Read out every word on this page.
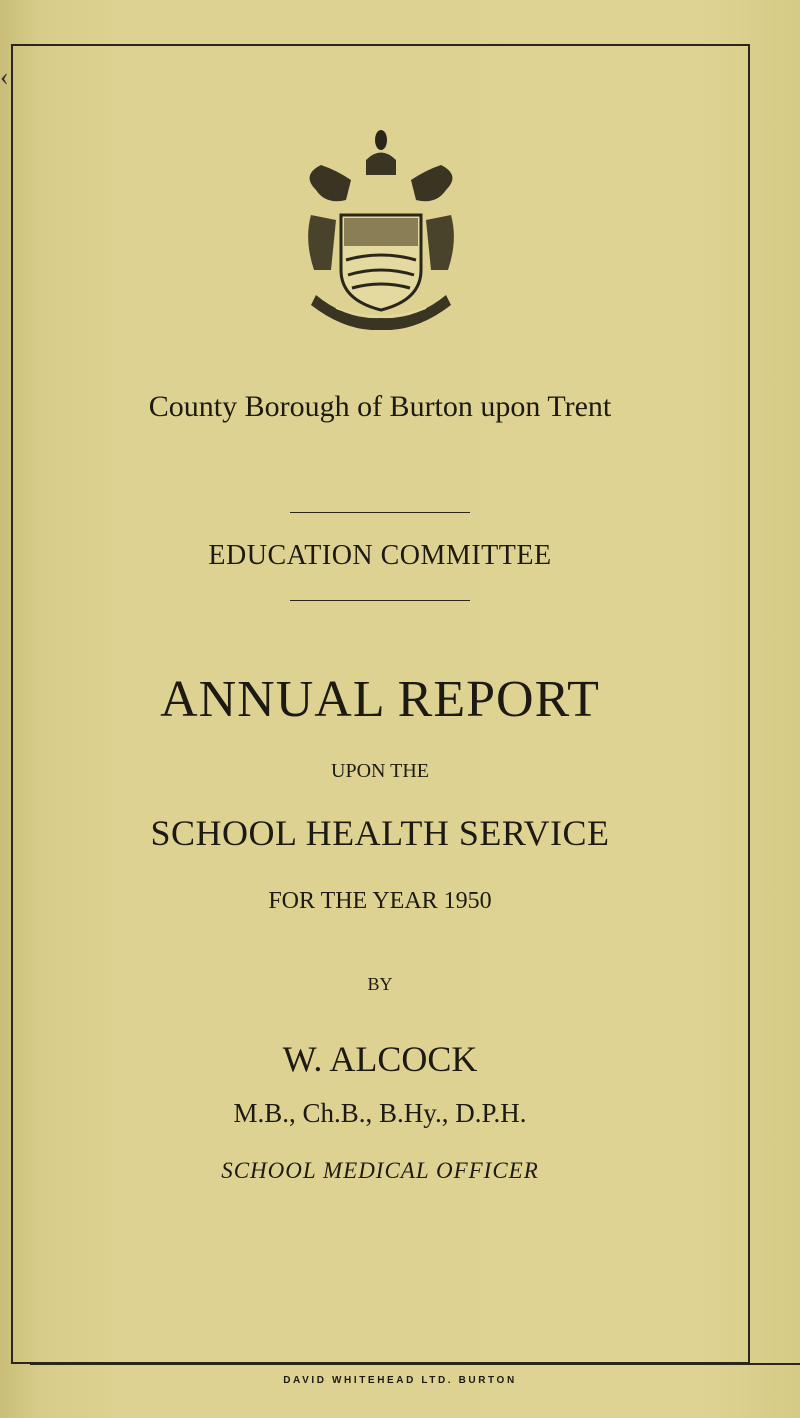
‹

County Borough of Burton upon Trent

EDUCATION COMMITTEE

ANNUAL REPORT

UPON THE

SCHOOL HEALTH SERVICE

FOR THE YEAR 1950

BY

W. ALCOCK

M.B., Ch.B., B.Hy., D.P.H.

SCHOOL MEDICAL OFFICER

DAVID WHITEHEAD LTD. BURTON
